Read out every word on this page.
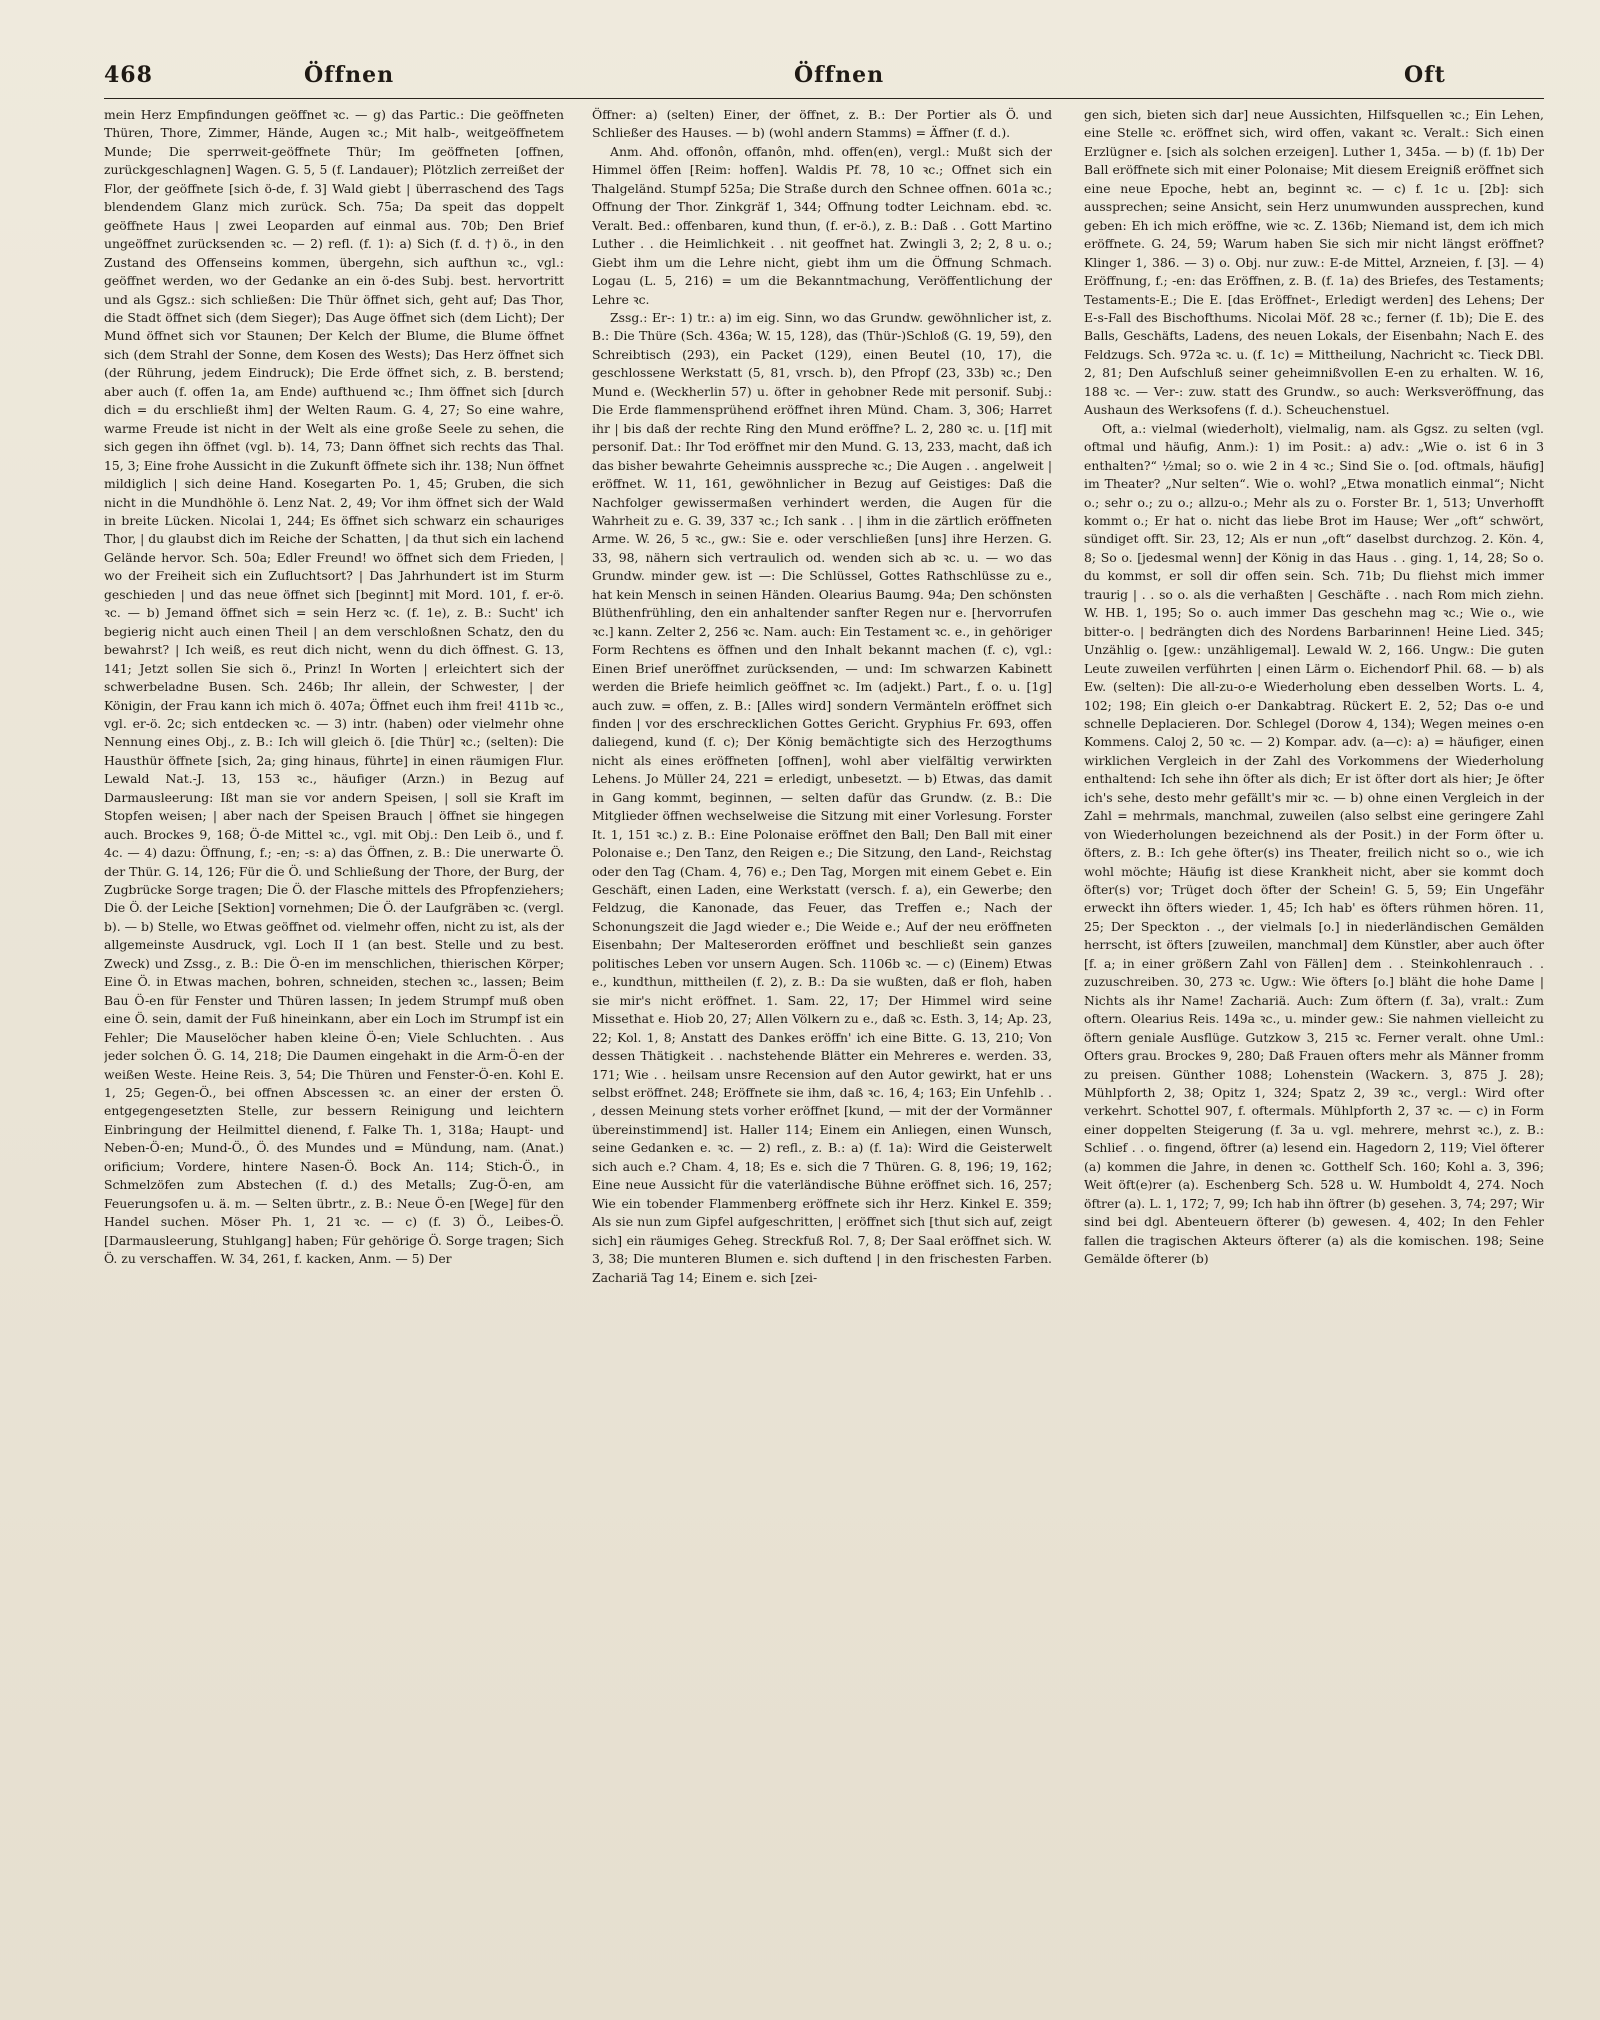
468	Öffnen	Öffnen	Oft

mein Herz Empfindungen geöffnet ꝛc. — g) das Partic.: Die geöffneten Thüren, Thore, Zimmer, Hände, Augen ꝛc.; Mit halb-, weitgeöffnetem Munde; Die sperrweit-geöffnete Thür; Im geöffneten [offnen, zurückgeschlagnen] Wagen. G. 5, 5 (f. Landauer); Plötzlich zerreißet der Flor, der geöffnete [sich ö-de, f. 3] Wald giebt | überraschend des Tags blendendem Glanz mich zurück. Sch. 75a; Da speit das doppelt geöffnete Haus | zwei Leoparden auf einmal aus. 70b; Den Brief ungeöffnet zurücksenden ꝛc. — 2) refl. (f. 1): a) Sich (f. d. †) ö., in den Zustand des Offenseins kommen, übergehn, sich aufthun ꝛc., vgl.: geöffnet werden, wo der Gedanke an ein ö-des Subj. best. hervortritt und als Ggsz.: sich schließen: Die Thür öffnet sich, geht auf; Das Thor, die Stadt öffnet sich (dem Sieger); Das Auge öffnet sich (dem Licht); Der Mund öffnet sich vor Staunen; Der Kelch der Blume, die Blume öffnet sich (dem Strahl der Sonne, dem Kosen des Wests); Das Herz öffnet sich (der Rührung, jedem Eindruck); Die Erde öffnet sich, z. B. berstend; aber auch (f. offen 1a, am Ende) aufthuend ꝛc.; Ihm öffnet sich [durch dich = du erschließt ihm] der Welten Raum. G. 4, 27; So eine wahre, warme Freude ist nicht in der Welt als eine große Seele zu sehen, die sich gegen ihn öffnet (vgl. b). 14, 73; Dann öffnet sich rechts das Thal. 15, 3; Eine frohe Aussicht in die Zukunft öffnete sich ihr. 138; Nun öffnet mildiglich | sich deine Hand. Kosegarten Po. 1, 45; Gruben, die sich nicht in die Mundhöhle ö. Lenz Nat. 2, 49; Vor ihm öffnet sich der Wald in breite Lücken. Nicolai 1, 244; Es öffnet sich schwarz ein schauriges Thor, | du glaubst dich im Reiche der Schatten, | da thut sich ein lachend Gelände hervor. Sch. 50a; Edler Freund! wo öffnet sich dem Frieden, | wo der Freiheit sich ein Zufluchtsort? | Das Jahrhundert ist im Sturm geschieden | und das neue öffnet sich [beginnt] mit Mord. 101, f. er-ö. ꝛc. — b) Jemand öffnet sich = sein Herz ꝛc. (f. 1e), z. B.: Sucht' ich begierig nicht auch einen Theil | an dem verschloßnen Schatz, den du bewahrst? | Ich weiß, es reut dich nicht, wenn du dich öffnest. G. 13, 141; Jetzt sollen Sie sich ö., Prinz! In Worten | erleichtert sich der schwerbeladne Busen. Sch. 246b; Ihr allein, der Schwester, | der Königin, der Frau kann ich mich ö. 407a; Öffnet euch ihm frei! 411b ꝛc., vgl. er-ö. 2c; sich entdecken ꝛc. — 3) intr. (haben) oder vielmehr ohne Nennung eines Obj., z. B.: Ich will gleich ö. [die Thür] ꝛc.; (selten): Die Hausthür öffnete [sich, 2a; ging hinaus, führte] in einen räumigen Flur. Lewald Nat.-J. 13, 153 ꝛc., häufiger (Arzn.) in Bezug auf Darmausleerung: Ißt man sie vor andern Speisen, | soll sie Kraft im Stopfen weisen; | aber nach der Speisen Brauch | öffnet sie hingegen auch. Brockes 9, 168; Ö-de Mittel ꝛc., vgl. mit Obj.: Den Leib ö., und f. 4c. — 4) dazu: Öffnung, f.; -en; -s: a) das Öffnen, z. B.: Die unerwarte Ö. der Thür. G. 14, 126; Für die Ö. und Schließung der Thore, der Burg, der Zugbrücke Sorge tragen; Die Ö. der Flasche mittels des Pfropfenziehers; Die Ö. der Leiche [Sektion] vornehmen; Die Ö. der Laufgräben ꝛc. (vergl. b). — b) Stelle, wo Etwas geöffnet od. vielmehr offen, nicht zu ist, als der allgemeinste Ausdruck, vgl. Loch II 1 (an best. Stelle und zu best. Zweck) und Zssg., z. B.: Die Ö-en im menschlichen, thierischen Körper; Eine Ö. in Etwas machen, bohren, schneiden, stechen ꝛc., lassen; Beim Bau Ö-en für Fenster und Thüren lassen; In jedem Strumpf muß oben eine Ö. sein, damit der Fuß hineinkann, aber ein Loch im Strumpf ist ein Fehler; Die Mauselöcher haben kleine Ö-en; Viele Schluchten. . Aus jeder solchen Ö. G. 14, 218; Die Daumen eingehakt in die Arm-Ö-en der weißen Weste. Heine Reis. 3, 54; Die Thüren und Fenster-Ö-en. Kohl E. 1, 25; Gegen-Ö., bei offnen Abscessen ꝛc. an einer der ersten Ö. entgegengesetzten Stelle, zur bessern Reinigung und leichtern Einbringung der Heilmittel dienend, f. Falke Th. 1, 318a; Haupt- und Neben-Ö-en; Mund-Ö., Ö. des Mundes und = Mündung, nam. (Anat.) orificium; Vordere, hintere Nasen-Ö. Bock An. 114; Stich-Ö., in Schmelzöfen zum Abstechen (f. d.) des Metalls; Zug-Ö-en, am Feuerungsofen u. ä. m. — Selten übrtr., z. B.: Neue Ö-en [Wege] für den Handel suchen. Möser Ph. 1, 21 ꝛc. — c) (f. 3) Ö., Leibes-Ö. [Darmausleerung, Stuhlgang] haben; Für gehörige Ö. Sorge tragen; Sich Ö. zu verschaffen. W. 34, 261, f. kacken, Anm. — 5) Der

Öffner: a) (selten) Einer, der öffnet, z. B.: Der Portier als Ö. und Schließer des Hauses. — b) (wohl andern Stamms) = Äffner (f. d.).

Anm. Ahd. offonôn, offanôn, mhd. offen(en), vergl.: Mußt sich der Himmel öffen [Reim: hoffen]. Waldis Pf. 78, 10 ꝛc.; Offnet sich ein Thalgeländ. Stumpf 525a; Die Straße durch den Schnee offnen. 601a ꝛc.; Offnung der Thor. Zinkgräf 1, 344; Offnung todter Leichnam. ebd. ꝛc. Veralt. Bed.: offenbaren, kund thun, (f. er-ö.), z. B.: Daß . . Gott Martino Luther . . die Heimlichkeit . . nit geoffnet hat. Zwingli 3, 2; 2, 8 u. o.; Giebt ihm um die Lehre nicht, giebt ihm um die Öffnung Schmach. Logau (L. 5, 216) = um die Bekanntmachung, Veröffentlichung der Lehre ꝛc.

Zssg.: Er-: 1) tr.: a) im eig. Sinn, wo das Grundw. gewöhnlicher ist, z. B.: Die Thüre (Sch. 436a; W. 15, 128), das (Thür-)Schloß (G. 19, 59), den Schreibtisch (293), ein Packet (129), einen Beutel (10, 17), die geschlossene Werkstatt (5, 81, vrsch. b), den Pfropf (23, 33b) ꝛc.; Den Mund e. (Weckherlin 57) u. öfter in gehobner Rede mit personif. Subj.: Die Erde flammensprühend eröffnet ihren Münd. Cham. 3, 306; Harret ihr | bis daß der rechte Ring den Mund eröffne? L. 2, 280 ꝛc. u. [1f] mit personif. Dat.: Ihr Tod eröffnet mir den Mund. G. 13, 233, macht, daß ich das bisher bewahrte Geheimnis ausspreche ꝛc.; Die Augen . . angelweit | eröffnet. W. 11, 161, gewöhnlicher in Bezug auf Geistiges: Daß die Nachfolger gewissermaßen verhindert werden, die Augen für die Wahrheit zu e. G. 39, 337 ꝛc.; Ich sank . . | ihm in die zärtlich eröffneten Arme. W. 26, 5 ꝛc., gw.: Sie e. oder verschließen [uns] ihre Herzen. G. 33, 98, nähern sich vertraulich od. wenden sich ab ꝛc. u. — wo das Grundw. minder gew. ist —: Die Schlüssel, Gottes Rathschlüsse zu e., hat kein Mensch in seinen Händen. Olearius Baumg. 94a; Den schönsten Blüthenfrühling, den ein anhaltender sanfter Regen nur e. [hervorrufen ꝛc.] kann. Zelter 2, 256 ꝛc. Nam. auch: Ein Testament ꝛc. e., in gehöriger Form Rechtens es öffnen und den Inhalt bekannt machen (f. c), vgl.: Einen Brief uneröffnet zurücksenden, — und: Im schwarzen Kabinett werden die Briefe heimlich geöffnet ꝛc. Im (adjekt.) Part., f. o. u. [1g] auch zuw. = offen, z. B.: [Alles wird] sondern Vermänteln eröffnet sich finden | vor des erschrecklichen Gottes Gericht. Gryphius Fr. 693, offen daliegend, kund (f. c); Der König bemächtigte sich des Herzogthums nicht als eines eröffneten [offnen], wohl aber vielfältig verwirkten Lehens. Jo Müller 24, 221 = erledigt, unbesetzt. — b) Etwas, das damit in Gang kommt, beginnen, — selten dafür das Grundw. (z. B.: Die Mitglieder öffnen wechselweise die Sitzung mit einer Vorlesung. Forster It. 1, 151 ꝛc.) z. B.: Eine Polonaise eröffnet den Ball; Den Ball mit einer Polonaise e.; Den Tanz, den Reigen e.; Die Sitzung, den Land-, Reichstag oder den Tag (Cham. 4, 76) e.; Den Tag, Morgen mit einem Gebet e. Ein Geschäft, einen Laden, eine Werkstatt (versch. f. a), ein Gewerbe; den Feldzug, die Kanonade, das Feuer, das Treffen e.; Nach der Schonungszeit die Jagd wieder e.; Die Weide e.; Auf der neu eröffneten Eisenbahn; Der Malteserorden eröffnet und beschließt sein ganzes politisches Leben vor unsern Augen. Sch. 1106b ꝛc. — c) (Einem) Etwas e., kundthun, mittheilen (f. 2), z. B.: Da sie wußten, daß er floh, haben sie mir's nicht eröffnet. 1. Sam. 22, 17; Der Himmel wird seine Missethat e. Hiob 20, 27; Allen Völkern zu e., daß ꝛc. Esth. 3, 14; Ap. 23, 22; Kol. 1, 8; Anstatt des Dankes eröffn' ich eine Bitte. G. 13, 210; Von dessen Thätigkeit . . nachstehende Blätter ein Mehreres e. werden. 33, 171; Wie . . heilsam unsre Recension auf den Autor gewirkt, hat er uns selbst eröffnet. 248; Eröffnete sie ihm, daß ꝛc. 16, 4; 163; Ein Unfehlb . . , dessen Meinung stets vorher eröffnet [kund, — mit der der Vormänner übereinstimmend] ist. Haller 114; Einem ein Anliegen, einen Wunsch, seine Gedanken e. ꝛc. — 2) refl., z. B.: a) (f. 1a): Wird die Geisterwelt sich auch e.? Cham. 4, 18; Es e. sich die 7 Thüren. G. 8, 196; 19, 162; Eine neue Aussicht für die vaterländische Bühne eröffnet sich. 16, 257; Wie ein tobender Flammenberg eröffnete sich ihr Herz. Kinkel E. 359; Als sie nun zum Gipfel aufgeschritten, | eröffnet sich [thut sich auf, zeigt sich] ein räumiges Geheg. Streckfuß Rol. 7, 8; Der Saal eröffnet sich. W. 3, 38; Die munteren Blumen e. sich duftend | in den frischesten Farben. Zachariä Tag 14; Einem e. sich [zei-

gen sich, bieten sich dar] neue Aussichten, Hilfsquellen ꝛc.; Ein Lehen, eine Stelle ꝛc. eröffnet sich, wird offen, vakant ꝛc. Veralt.: Sich einen Erzlügner e. [sich als solchen erzeigen]. Luther 1, 345a. — b) (f. 1b) Der Ball eröffnete sich mit einer Polonaise; Mit diesem Ereigniß eröffnet sich eine neue Epoche, hebt an, beginnt ꝛc. — c) f. 1c u. [2b]: sich aussprechen; seine Ansicht, sein Herz unumwunden aussprechen, kund geben: Eh ich mich eröffne, wie ꝛc. Z. 136b; Niemand ist, dem ich mich eröffnete. G. 24, 59; Warum haben Sie sich mir nicht längst eröffnet? Klinger 1, 386. — 3) o. Obj. nur zuw.: E-de Mittel, Arzneien, f. [3]. — 4) Eröffnung, f.; -en: das Eröffnen, z. B. (f. 1a) des Briefes, des Testaments; Testaments-E.; Die E. [das Eröffnet-, Erledigt werden] des Lehens; Der E-s-Fall des Bischofthums. Nicolai Möf. 28 ꝛc.; ferner (f. 1b); Die E. des Balls, Geschäfts, Ladens, des neuen Lokals, der Eisenbahn; Nach E. des Feldzugs. Sch. 972a ꝛc. u. (f. 1c) = Mittheilung, Nachricht ꝛc. Tieck DBl. 2, 81; Den Aufschluß seiner geheimnißvollen E-en zu erhalten. W. 16, 188 ꝛc. — Ver-: zuw. statt des Grundw., so auch: Werksveröffnung, das Aushaun des Werksofens (f. d.). Scheuchenstuel.

Oft, a.: vielmal (wiederholt), vielmalig, nam. als Ggsz. zu selten (vgl. oftmal und häufig, Anm.): 1) im Posit.: a) adv.: „Wie o. ist 6 in 3 enthalten?“ ½mal; so o. wie 2 in 4 ꝛc.; Sind Sie o. [od. oftmals, häufig] im Theater? „Nur selten“. Wie o. wohl? „Etwa monatlich einmal“; Nicht o.; sehr o.; zu o.; allzu-o.; Mehr als zu o. Forster Br. 1, 513; Unverhofft kommt o.; Er hat o. nicht das liebe Brot im Hause; Wer „oft“ schwört, sündiget offt. Sir. 23, 12; Als er nun „oft“ daselbst durchzog. 2. Kön. 4, 8; So o. [jedesmal wenn] der König in das Haus . . ging. 1, 14, 28; So o. du kommst, er soll dir offen sein. Sch. 71b; Du fliehst mich immer traurig | . . so o. als die verhaßten | Geschäfte . . nach Rom mich ziehn. W. HB. 1, 195; So o. auch immer Das geschehn mag ꝛc.; Wie o., wie bitter-o. | bedrängten dich des Nordens Barbarinnen! Heine Lied. 345; Unzählig o. [gew.: unzähligemal]. Lewald W. 2, 166. Ungw.: Die guten Leute zuweilen verführten | einen Lärm o. Eichendorf Phil. 68. — b) als Ew. (selten): Die all-zu-o-e Wiederholung eben desselben Worts. L. 4, 102; 198; Ein gleich o-er Dankabtrag. Rückert E. 2, 52; Das o-e und schnelle Deplacieren. Dor. Schlegel (Dorow 4, 134); Wegen meines o-en Kommens. Caloj 2, 50 ꝛc. — 2) Kompar. adv. (a—c): a) = häufiger, einen wirklichen Vergleich in der Zahl des Vorkommens der Wiederholung enthaltend: Ich sehe ihn öfter als dich; Er ist öfter dort als hier; Je öfter ich's sehe, desto mehr gefällt's mir ꝛc. — b) ohne einen Vergleich in der Zahl = mehrmals, manchmal, zuweilen (also selbst eine geringere Zahl von Wiederholungen bezeichnend als der Posit.) in der Form öfter u. öfters, z. B.: Ich gehe öfter(s) ins Theater, freilich nicht so o., wie ich wohl möchte; Häufig ist diese Krankheit nicht, aber sie kommt doch öfter(s) vor; Trüget doch öfter der Schein! G. 5, 59; Ein Ungefähr erweckt ihn öfters wieder. 1, 45; Ich hab' es öfters rühmen hören. 11, 25; Der Speckton . ., der vielmals [o.] in niederländischen Gemälden herrscht, ist öfters [zuweilen, manchmal] dem Künstler, aber auch öfter [f. a; in einer größern Zahl von Fällen] dem . . Steinkohlenrauch . . zuzuschreiben. 30, 273 ꝛc. Ugw.: Wie öfters [o.] bläht die hohe Dame | Nichts als ihr Name! Zachariä. Auch: Zum öftern (f. 3a), vralt.: Zum oftern. Olearius Reis. 149a ꝛc., u. minder gew.: Sie nahmen vielleicht zu öftern geniale Ausflüge. Gutzkow 3, 215 ꝛc. Ferner veralt. ohne Uml.: Ofters grau. Brockes 9, 280; Daß Frauen ofters mehr als Männer fromm zu preisen. Günther 1088; Lohenstein (Wackern. 3, 875 J. 28); Mühlpforth 2, 38; Opitz 1, 324; Spatz 2, 39 ꝛc., vergl.: Wird ofter verkehrt. Schottel 907, f. oftermals. Mühlpforth 2, 37 ꝛc. — c) in Form einer doppelten Steigerung (f. 3a u. vgl. mehrere, mehrst ꝛc.), z. B.: Schlief . . o. fingend, öftrer (a) lesend ein. Hagedorn 2, 119; Viel öfterer (a) kommen die Jahre, in denen ꝛc. Gotthelf Sch. 160; Kohl a. 3, 396; Weit öft(e)rer (a). Eschenberg Sch. 528 u. W. Humboldt 4, 274. Noch öftrer (a). L. 1, 172; 7, 99; Ich hab ihn öftrer (b) gesehen. 3, 74; 297; Wir sind bei dgl. Abenteuern öfterer (b) gewesen. 4, 402; In den Fehler fallen die tragischen Akteurs öfterer (a) als die komischen. 198; Seine Gemälde öfterer (b)
